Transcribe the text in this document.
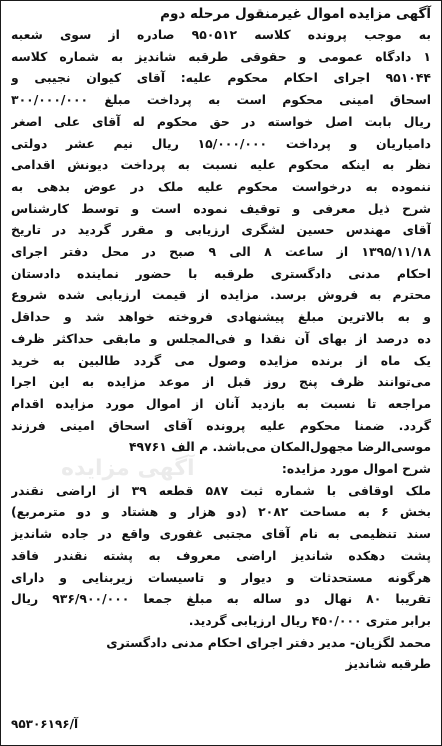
آگهی مزایده
آگهی مزایده اموال غیرمنقول مرحله دوم
به موجب پرونده کلاسه ۹۵۰۵۱۲ صادره از سوی شعبه
۱ دادگاه عمومی و حقوقی طرقبه شاندیز به شماره کلاسه
۹۵۱۰۴۴ اجرای احکام محکوم علیه: آقای کیوان نجیبی و
اسحاق امینی محکوم است به پرداخت مبلغ ۳۰۰/۰۰۰/۰۰۰
ریال بابت اصل خواسته در حق محکوم له آقای علی اصغر
دامیاریان و پرداخت ۱۵/۰۰۰/۰۰۰ ریال نیم عشر دولتی
نظر به اینکه محکوم علیه نسبت به پرداخت دیونش اقدامی
ننموده به درخواست محکوم علیه ملک در عوض بدهی به
شرح ذیل معرفی و توقیف نموده است و توسط کارشناس
آقای مهندس حسین لشگری ارزیابی و مقرر گردید در تاریخ
۱۳۹۵/۱۱/۱۸ از ساعت ۸ الی ۹ صبح در محل دفتر اجرای
احکام مدنی دادگستری طرقبه با حضور نماینده دادستان
محترم به فروش برسد. مزایده از قیمت ارزیابی شده شروع
و به بالاترین مبلغ پیشنهادی فروخته خواهد شد و حداقل
ده درصد از بهای آن نقدا و فی‌المجلس و مابقی حداکثر ظرف
یک ماه از برنده مزایده وصول می گردد طالبین به خرید
می‌توانند ظرف پنج روز قبل از موعد مزایده به این اجرا
مراجعه تا نسبت به بازدید آنان از اموال مورد مزایده اقدام
گردد. ضمنا محکوم علیه پرونده آقای اسحاق امینی فرزند
موسی‌الرضا مجهول‌المکان می‌باشد. م الف ۴۹۷۶۱
شرح اموال مورد مزایده:
ملک اوقافی با شماره ثبت ۵۸۷ قطعه ۳۹ از اراضی نقندر
بخش ۶ به مساحت ۲۰۸۲ (دو هزار و هشتاد و دو مترمربع)
سند تنظیمی به نام آقای مجتبی غفوری واقع در جاده شاندیز
پشت دهکده شاندیز اراضی معروف به پشته نقندر فاقد
هرگونه مستحدثات و دیوار و تاسیسات زیربنایی و دارای
تقریبا ۸۰ نهال دو ساله به مبلغ جمعا ۹۳۶/۹۰۰/۰۰۰ ریال
برابر متری ۴۵۰/۰۰۰ ریال ارزیابی گردید.
محمد لگزیان- مدیر دفتر اجرای احکام مدنی دادگستری
طرقبه شاندیز
۹۵۳۰۶۱۹۶/آ
